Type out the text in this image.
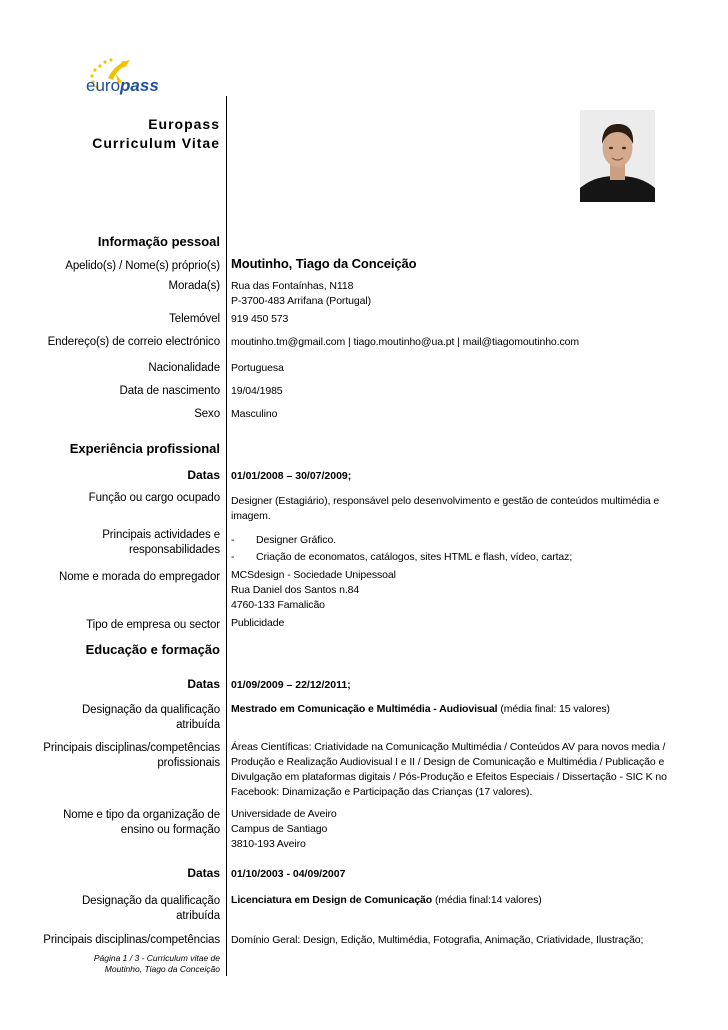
europass
Europass
Curriculum Vitae
Informação pessoal
Apelido(s) / Nome(s) próprio(s) Moutinho, Tiago da Conceição
Morada(s) Rua das Fontaínhas, N118
P-3700-483 Arrifana (Portugal)
Telemóvel 919 450 573
Endereço(s) de correio electrónico moutinho.tm@gmail.com | tiago.moutinho@ua.pt | mail@tiagomoutinho.com
Nacionalidade Portuguesa
Data de nascimento 19/04/1985
Sexo Masculino
Experiência profissional
Datas 01/01/2008 – 30/07/2009;
Função ou cargo ocupado Designer (Estagiário), responsável pelo desenvolvimento e gestão de conteúdos multimédia e imagem.
Principais actividades e responsabilidades
-	Designer Gráfico.
-	Criação de economatos, catálogos, sites HTML e flash, vídeo, cartaz;
Nome e morada do empregador MCSdesign - Sociedade Unipessoal
Rua Daniel dos Santos n.84
4760-133 Famalicão
Tipo de empresa ou sector Publicidade
Educação e formação
Datas 01/09/2009 – 22/12/2011;
Designação da qualificação atribuída
Mestrado em Comunicação e Multimédia - Audiovisual (média final: 15 valores)
Principais disciplinas/competências profissionais
Áreas Científicas: Criatividade na Comunicação Multimédia / Conteúdos AV para novos media / Produção e Realização Audiovisual I e II / Design de Comunicação e Multimédia / Publicação e Divulgação em plataformas digitais / Pós-Produção e Efeitos Especiais / Dissertação - SIC K no Facebook: Dinamização e Participação das Crianças (17 valores).
Nome e tipo da organização de ensino ou formação
Universidade de Aveiro
Campus de Santiago
3810-193 Aveiro
Datas 01/10/2003 - 04/09/2007
Designação da qualificação atribuída
Licenciatura em Design de Comunicação (média final:14 valores)
Principais disciplinas/competências Domínio Geral: Design, Edição, Multimédia, Fotografia, Animação, Criatividade, Ilustração;
Página 1 / 3 - Curriculum vitae de
Moutinho, Tiago da Conceição
